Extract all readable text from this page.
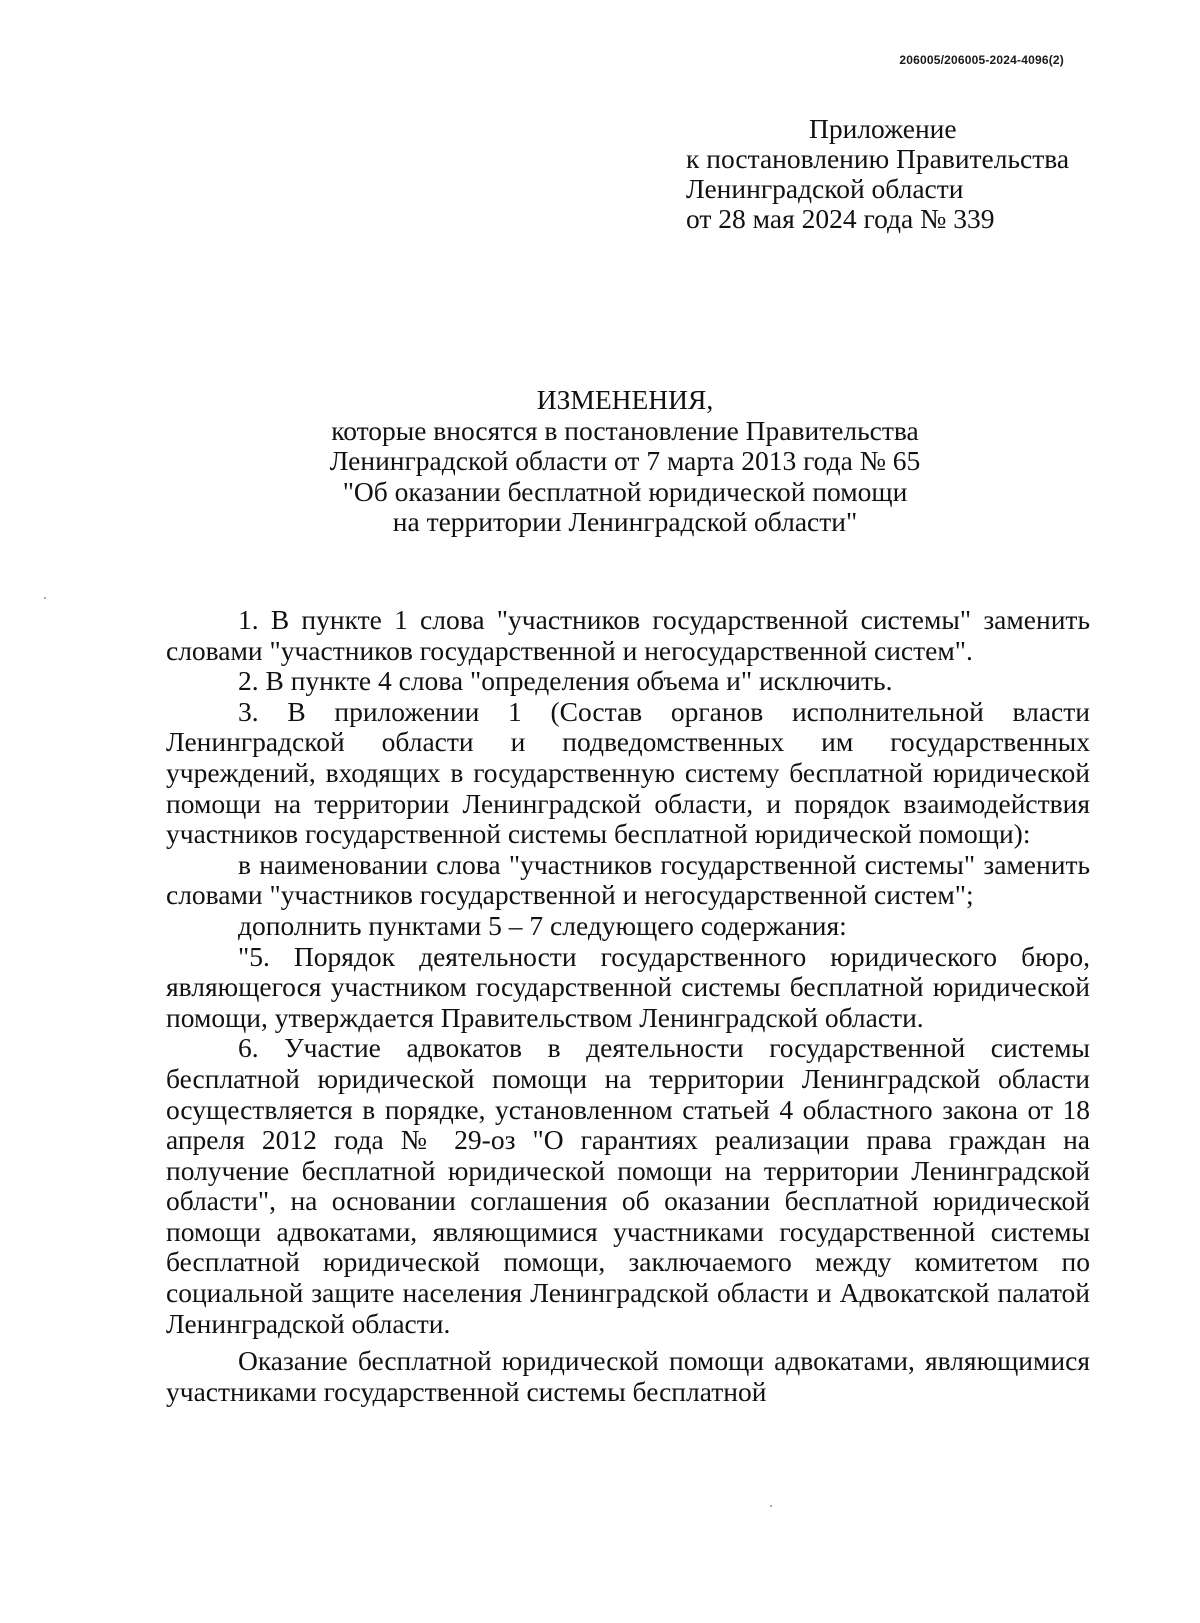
206005/206005-2024-4096(2)
Приложение
к постановлению Правительства
Ленинградской области
от 28 мая 2024 года № 339
ИЗМЕНЕНИЯ,
которые вносятся в постановление Правительства
Ленинградской области от 7 марта 2013 года № 65
"Об оказании бесплатной юридической помощи
на территории Ленинградской области"

1. В пункте 1 слова "участников государственной системы" заменить словами "участников государственной и негосударственной систем".

2. В пункте 4 слова "определения объема и" исключить.

3. В приложении 1 (Состав органов исполнительной власти Ленинградской области и подведомственных им государственных учреждений, входящих в государственную систему бесплатной юридической помощи на территории Ленинградской области, и порядок взаимодействия участников государственной системы бесплатной юридической помощи):

в наименовании слова "участников государственной системы" заменить словами "участников государственной и негосударственной систем";

дополнить пунктами 5 – 7 следующего содержания:

"5. Порядок деятельности государственного юридического бюро, являющегося участником государственной системы бесплатной юридической помощи, утверждается Правительством Ленинградской области.

6. Участие адвокатов в деятельности государственной системы бесплатной юридической помощи на территории Ленинградской области осуществляется в порядке, установленном статьей 4 областного закона от 18 апреля 2012 года № 29-оз "О гарантиях реализации права граждан на получение бесплатной юридической помощи на территории Ленинградской области", на основании соглашения об оказании бесплатной юридической помощи адвокатами, являющимися участниками государственной системы бесплатной юридической помощи, заключаемого между комитетом по социальной защите населения Ленинградской области и Адвокатской палатой Ленинградской области.

Оказание бесплатной юридической помощи адвокатами, являющимися участниками государственной системы бесплатной
